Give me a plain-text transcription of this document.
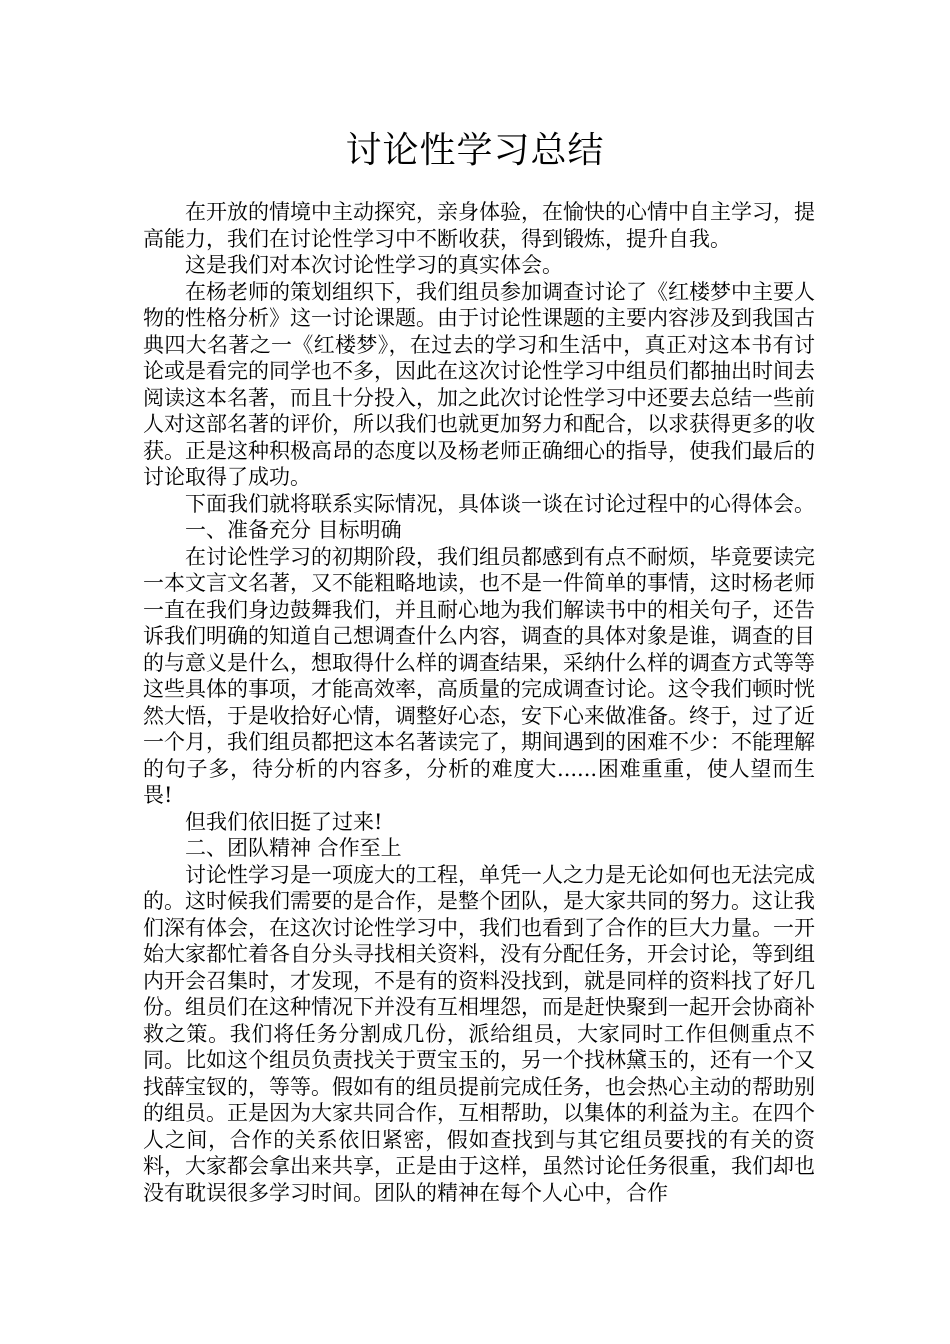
讨论性学习总结

在开放的情境中主动探究，亲身体验，在愉快的心情中自主学习，提高能力，我们在讨论性学习中不断收获，得到锻炼，提升自我。

这是我们对本次讨论性学习的真实体会。

在杨老师的策划组织下，我们组员参加调查讨论了《红楼梦中主要人物的性格分析》这一讨论课题。由于讨论性课题的主要内容涉及到我国古典四大名著之一《红楼梦》，在过去的学习和生活中，真正对这本书有讨论或是看完的同学也不多，因此在这次讨论性学习中组员们都抽出时间去阅读这本名著，而且十分投入，加之此次讨论性学习中还要去总结一些前人对这部名著的评价，所以我们也就更加努力和配合，以求获得更多的收获。正是这种积极高昂的态度以及杨老师正确细心的指导，使我们最后的讨论取得了成功。

下面我们就将联系实际情况，具体谈一谈在讨论过程中的心得体会。

一、准备充分 目标明确

在讨论性学习的初期阶段，我们组员都感到有点不耐烦，毕竟要读完一本文言文名著，又不能粗略地读，也不是一件简单的事情，这时杨老师一直在我们身边鼓舞我们，并且耐心地为我们解读书中的相关句子，还告诉我们明确的知道自己想调查什么内容，调查的具体对象是谁，调查的目的与意义是什么，想取得什么样的调查结果，采纳什么样的调查方式等等这些具体的事项，才能高效率，高质量的完成调查讨论。这令我们顿时恍然大悟，于是收拾好心情，调整好心态，安下心来做准备。终于，过了近一个月，我们组员都把这本名著读完了，期间遇到的困难不少：不能理解的句子多，待分析的内容多，分析的难度大......困难重重，使人望而生畏!

但我们依旧挺了过来!

二、团队精神 合作至上

讨论性学习是一项庞大的工程，单凭一人之力是无论如何也无法完成的。这时候我们需要的是合作，是整个团队，是大家共同的努力。这让我们深有体会，在这次讨论性学习中，我们也看到了合作的巨大力量。一开始大家都忙着各自分头寻找相关资料，没有分配任务，开会讨论，等到组内开会召集时，才发现，不是有的资料没找到，就是同样的资料找了好几份。组员们在这种情况下并没有互相埋怨，而是赶快聚到一起开会协商补救之策。我们将任务分割成几份，派给组员，大家同时工作但侧重点不同。比如这个组员负责找关于贾宝玉的，另一个找林黛玉的，还有一个又找薛宝钗的，等等。假如有的组员提前完成任务，也会热心主动的帮助别的组员。正是因为大家共同合作，互相帮助，以集体的利益为主。在四个人之间，合作的关系依旧紧密，假如查找到与其它组员要找的有关的资料，大家都会拿出来共享，正是由于这样，虽然讨论任务很重，我们却也没有耽误很多学习时间。团队的精神在每个人心中，合作
